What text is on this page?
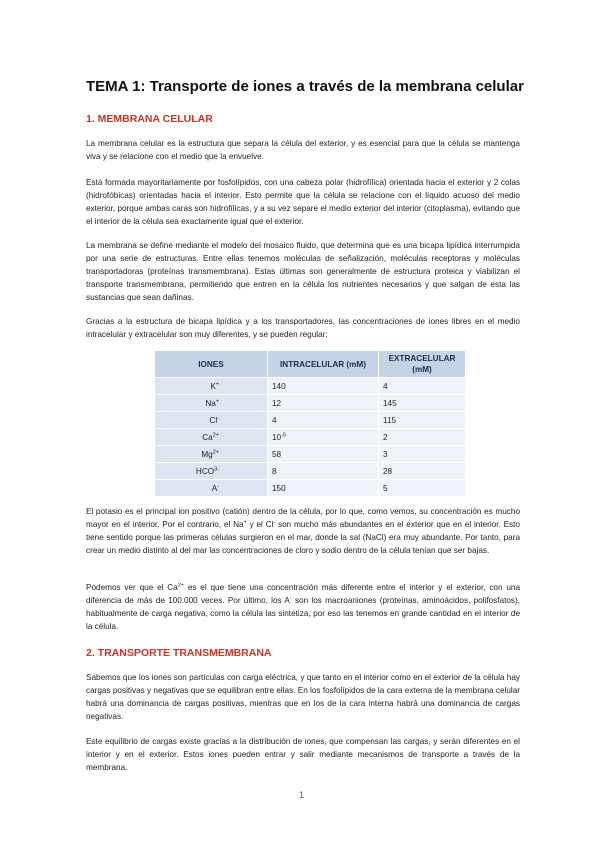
TEMA 1: Transporte de iones a través de la membrana celular
1. MEMBRANA CELULAR

La membrana celular es la estructura que separa la célula del exterior, y es esencial para que la célula se mantenga viva y se relacione con el medio que la envuelve.

Está formada mayoritariamente por fosfolípidos, con una cabeza polar (hidrofílica) orientada hacia el exterior y 2 colas (hidrofóbicas) orientadas hacia el interior. Esto permite que la célula se relacione con el líquido acuoso del medio exterior, porque ambas caras son hidrofílicas, y a su vez separe el medio exterior del interior (citoplasma), evitando que el interior de la célula sea exactamente igual que el exterior.

La membrana se define mediante el modelo del mosaico fluido, que determina que es una bicapa lipídica interrumpida por una serie de estructuras. Entre ellas tenemos moléculas de señalización, moléculas receptoras y moléculas transportadoras (proteínas transmembrana). Estas últimas son generalmente de estructura proteica y viabilizan el transporte transmembrana, permitiendo que entren en la célula los nutrientes necesarios y que salgan de esta las sustancias que sean dañinas.

Gracias a la estructura de bicapa lipídica y a los transportadores, las concentraciones de iones libres en el medio intracelular y extracelular son muy diferentes, y se pueden regular:

IONES	INTRACELULAR (mM)	EXTRACELULAR (mM)
K+	140	4
Na+	12	145
Cl-	4	115
$Ca^{2+}$	$10^{-5}$	2
$Mg^{2+}$	58	3
$HCO^{3-}$	8	28
A-	150	5

El potasio es el principal ion positivo (catión) dentro de la célula, por lo que, como vemos, su concentración es mucho mayor en el interior. Por el contrario, el Na+ y el Cl- son mucho más abundantes en el exterior que en el interior. Esto tiene sentido porque las primeras células surgieron en el mar, donde la sal (NaCl) era muy abundante. Por tanto, para crear un medio distinto al del mar las concentraciones de cloro y sodio dentro de la célula tenían que ser bajas.

Podemos ver que el $Ca^{2+}$ es el que tiene una concentración más diferente entre el interior y el exterior, con una diferencia de más de 100.000 veces. Por último, los A- son los macroaniones (proteínas, aminoácidos, polifosfatos), habitualmente de carga negativa, como la célula las sintetiza, por eso las tenemos en grande cantidad en el interior de la célula.

2. TRANSPORTE TRANSMEMBRANA

Sabemos que los iones son partículas con carga eléctrica, y que tanto en el interior como en el exterior de la célula hay cargas positivas y negativas que se equilibran entre ellas. En los fosfolípidos de la cara externa de la membrana celular habrá una dominancia de cargas positivas, mientras que en los de la cara interna habrá una dominancia de cargas negativas.

Este equilibrio de cargas existe gracias a la distribución de iones, que compensan las cargas, y serán diferentes en el interior y en el exterior. Estos iones pueden entrar y salir mediante mecanismos de transporte a través de la membrana.

1
